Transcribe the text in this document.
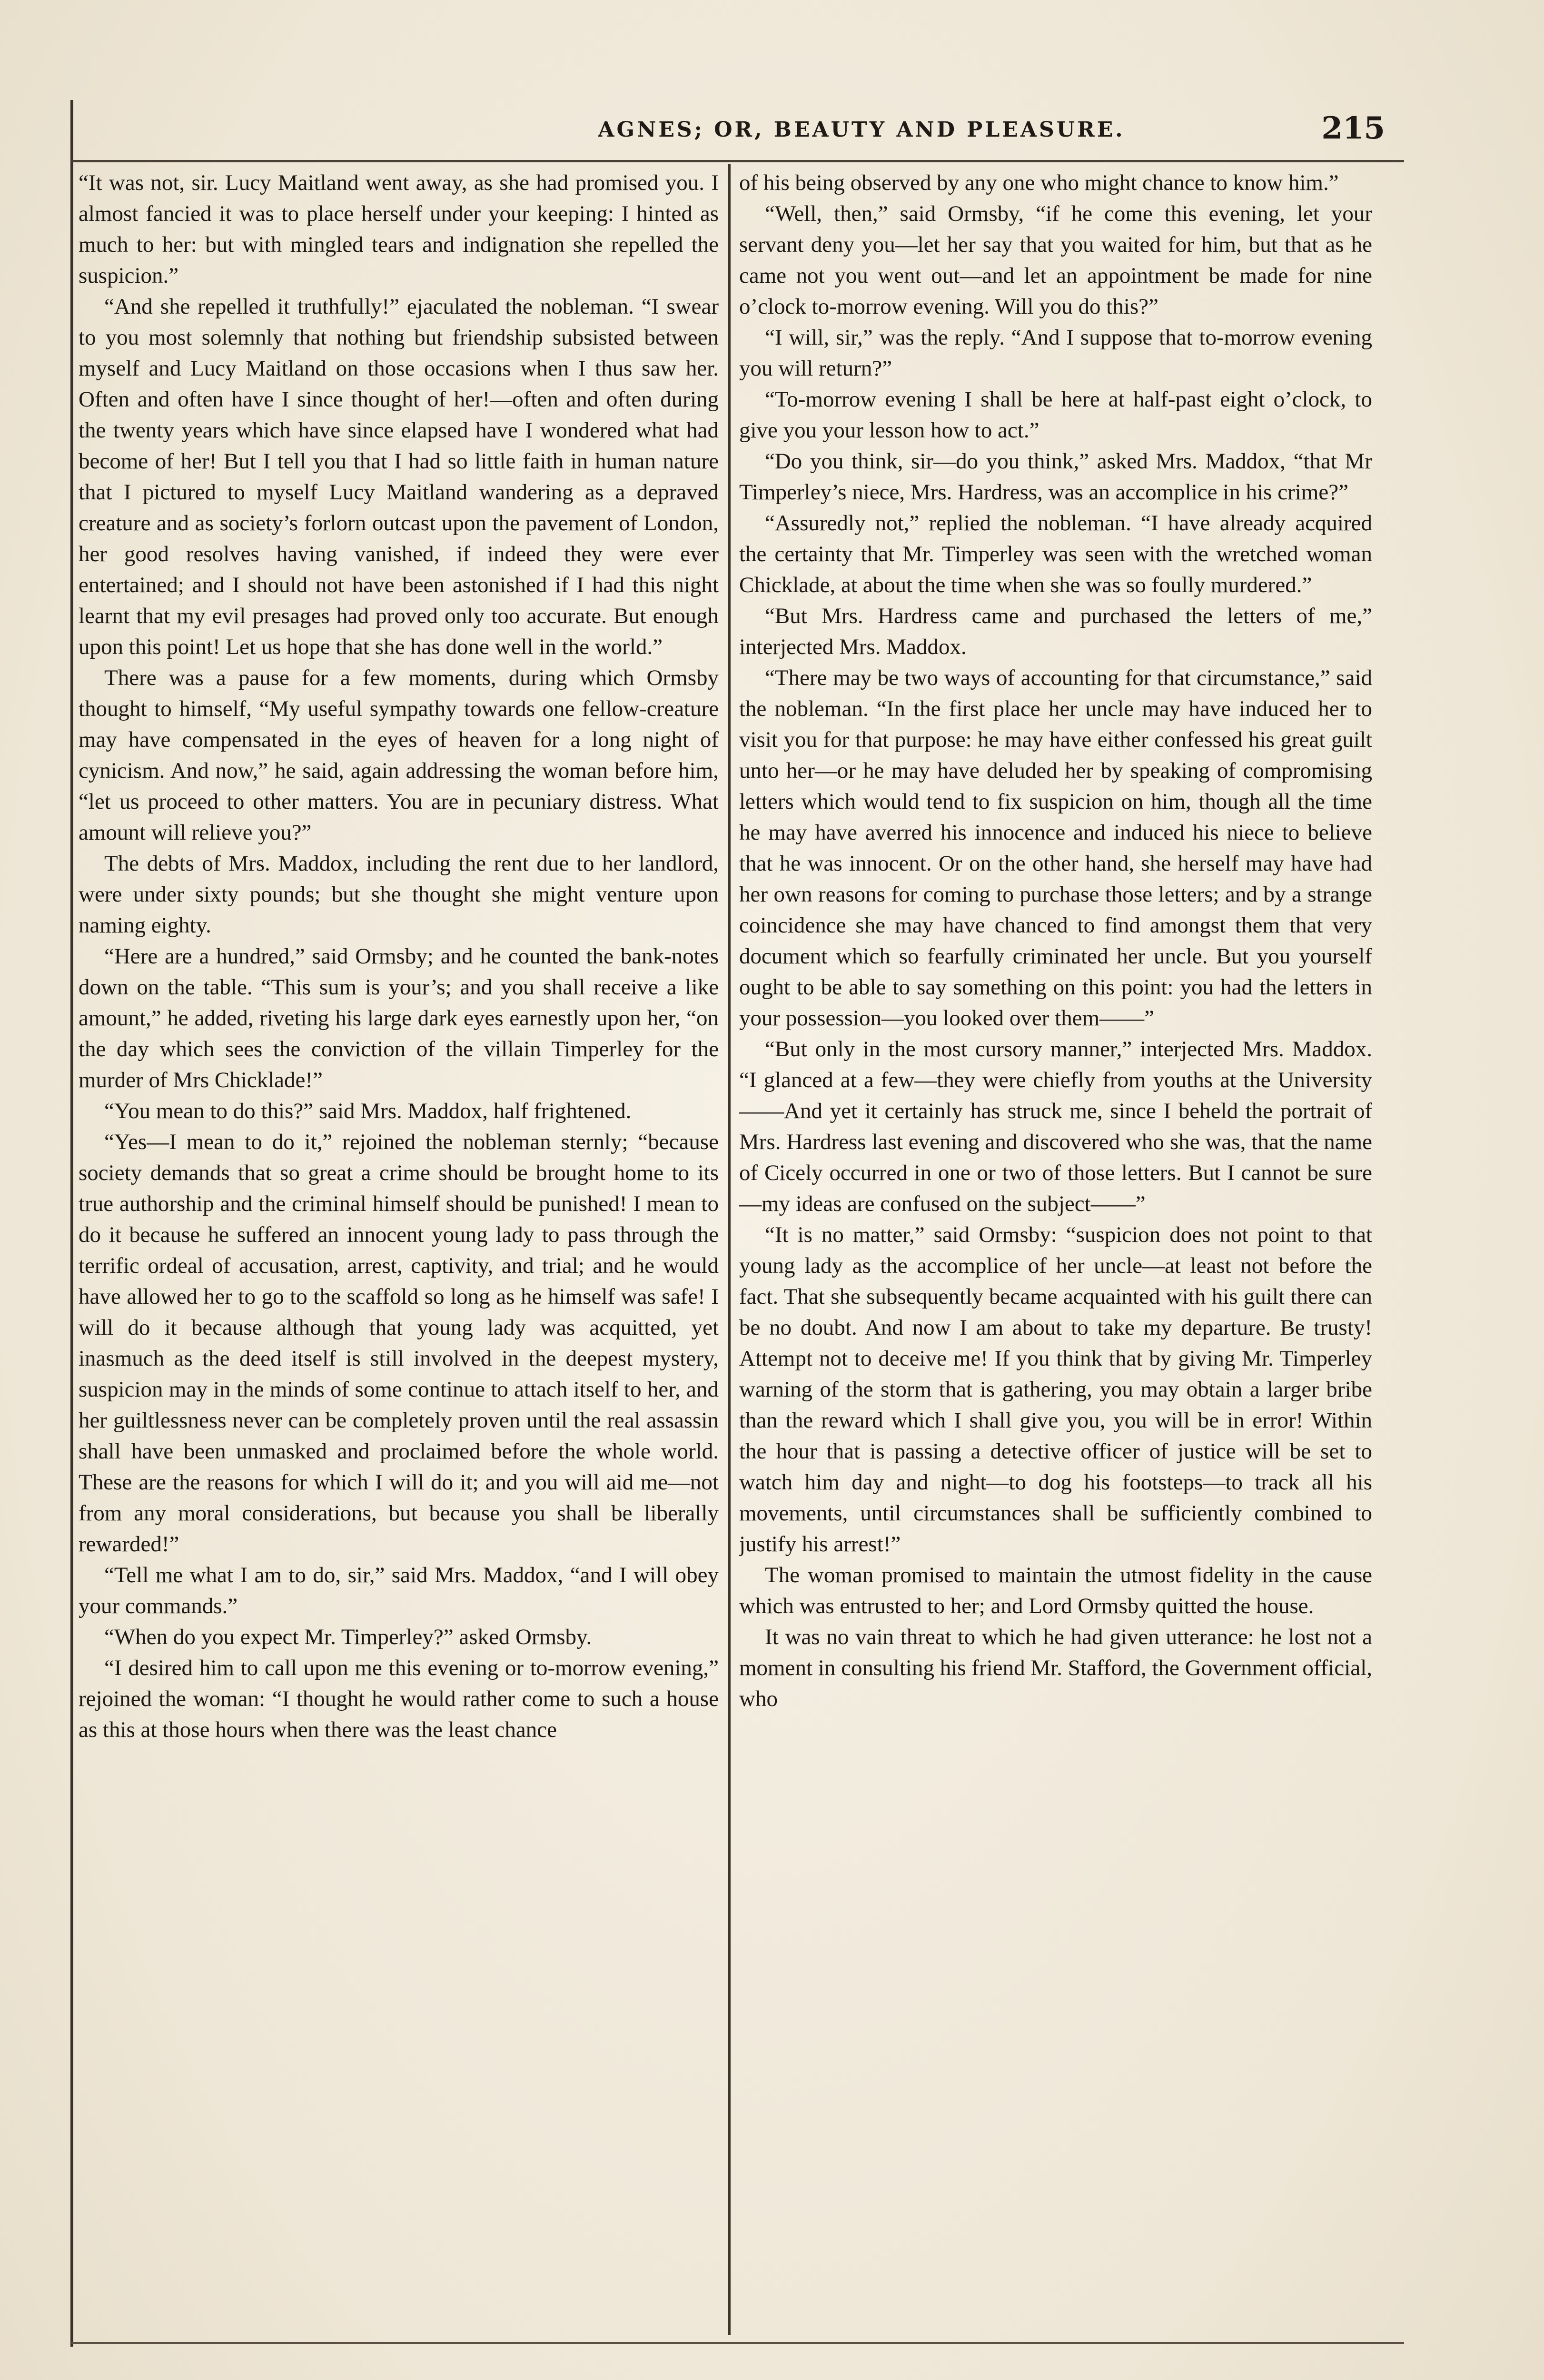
AGNES; OR, BEAUTY AND PLEASURE.	215

“It was not, sir. Lucy Maitland went away, as she had promised you. I almost fancied it was to place herself under your keeping: I hinted as much to her: but with mingled tears and indignation she repelled the suspicion.”

“And she repelled it truthfully!” ejaculated the nobleman. “I swear to you most solemnly that nothing but friendship subsisted between myself and Lucy Maitland on those occasions when I thus saw her. Often and often have I since thought of her!—often and often during the twenty years which have since elapsed have I wondered what had become of her! But I tell you that I had so little faith in human nature that I pictured to myself Lucy Maitland wandering as a depraved creature and as society’s forlorn outcast upon the pavement of London, her good resolves having vanished, if indeed they were ever entertained; and I should not have been astonished if I had this night learnt that my evil presages had proved only too accurate. But enough upon this point! Let us hope that she has done well in the world.”

There was a pause for a few moments, during which Ormsby thought to himself, “My useful sympathy towards one fellow-creature may have compensated in the eyes of heaven for a long night of cynicism. And now,” he said, again addressing the woman before him, “let us proceed to other matters. You are in pecuniary distress. What amount will relieve you?”

The debts of Mrs. Maddox, including the rent due to her landlord, were under sixty pounds; but she thought she might venture upon naming eighty.

“Here are a hundred,” said Ormsby; and he counted the bank-notes down on the table. “This sum is your’s; and you shall receive a like amount,” he added, riveting his large dark eyes earnestly upon her, “on the day which sees the conviction of the villain Timperley for the murder of Mrs Chicklade!”

“You mean to do this?” said Mrs. Maddox, half frightened.

“Yes—I mean to do it,” rejoined the nobleman sternly; “because society demands that so great a crime should be brought home to its true authorship and the criminal himself should be punished! I mean to do it because he suffered an innocent young lady to pass through the terrific ordeal of accusation, arrest, captivity, and trial; and he would have allowed her to go to the scaffold so long as he himself was safe! I will do it because although that young lady was acquitted, yet inasmuch as the deed itself is still involved in the deepest mystery, suspicion may in the minds of some continue to attach itself to her, and her guiltlessness never can be completely proven until the real assassin shall have been unmasked and proclaimed before the whole world. These are the reasons for which I will do it; and you will aid me—not from any moral considerations, but because you shall be liberally rewarded!”

“Tell me what I am to do, sir,” said Mrs. Maddox, “and I will obey your commands.”

“When do you expect Mr. Timperley?” asked Ormsby.

“I desired him to call upon me this evening or to-morrow evening,” rejoined the woman: “I thought he would rather come to such a house as this at those hours when there was the least chance

of his being observed by any one who might chance to know him.”

“Well, then,” said Ormsby, “if he come this evening, let your servant deny you—let her say that you waited for him, but that as he came not you went out—and let an appointment be made for nine o’clock to-morrow evening. Will you do this?”

“I will, sir,” was the reply. “And I suppose that to-morrow evening you will return?”

“To-morrow evening I shall be here at half-past eight o’clock, to give you your lesson how to act.”

“Do you think, sir—do you think,” asked Mrs. Maddox, “that Mr Timperley’s niece, Mrs. Hardress, was an accomplice in his crime?”

“Assuredly not,” replied the nobleman. “I have already acquired the certainty that Mr. Timperley was seen with the wretched woman Chicklade, at about the time when she was so foully murdered.”

“But Mrs. Hardress came and purchased the letters of me,” interjected Mrs. Maddox.

“There may be two ways of accounting for that circumstance,” said the nobleman. “In the first place her uncle may have induced her to visit you for that purpose: he may have either confessed his great guilt unto her—or he may have deluded her by speaking of compromising letters which would tend to fix suspicion on him, though all the time he may have averred his innocence and induced his niece to believe that he was innocent. Or on the other hand, she herself may have had her own reasons for coming to purchase those letters; and by a strange coincidence she may have chanced to find amongst them that very document which so fearfully criminated her uncle. But you yourself ought to be able to say something on this point: you had the letters in your possession—you looked over them——”

“But only in the most cursory manner,” interjected Mrs. Maddox. “I glanced at a few—they were chiefly from youths at the University——And yet it certainly has struck me, since I beheld the portrait of Mrs. Hardress last evening and discovered who she was, that the name of Cicely occurred in one or two of those letters. But I cannot be sure—my ideas are confused on the subject——”

“It is no matter,” said Ormsby: “suspicion does not point to that young lady as the accomplice of her uncle—at least not before the fact. That she subsequently became acquainted with his guilt there can be no doubt. And now I am about to take my departure. Be trusty! Attempt not to deceive me! If you think that by giving Mr. Timperley warning of the storm that is gathering, you may obtain a larger bribe than the reward which I shall give you, you will be in error! Within the hour that is passing a detective officer of justice will be set to watch him day and night—to dog his footsteps—to track all his movements, until circumstances shall be sufficiently combined to justify his arrest!”

The woman promised to maintain the utmost fidelity in the cause which was entrusted to her; and Lord Ormsby quitted the house.

It was no vain threat to which he had given utterance: he lost not a moment in consulting his friend Mr. Stafford, the Government official, who
